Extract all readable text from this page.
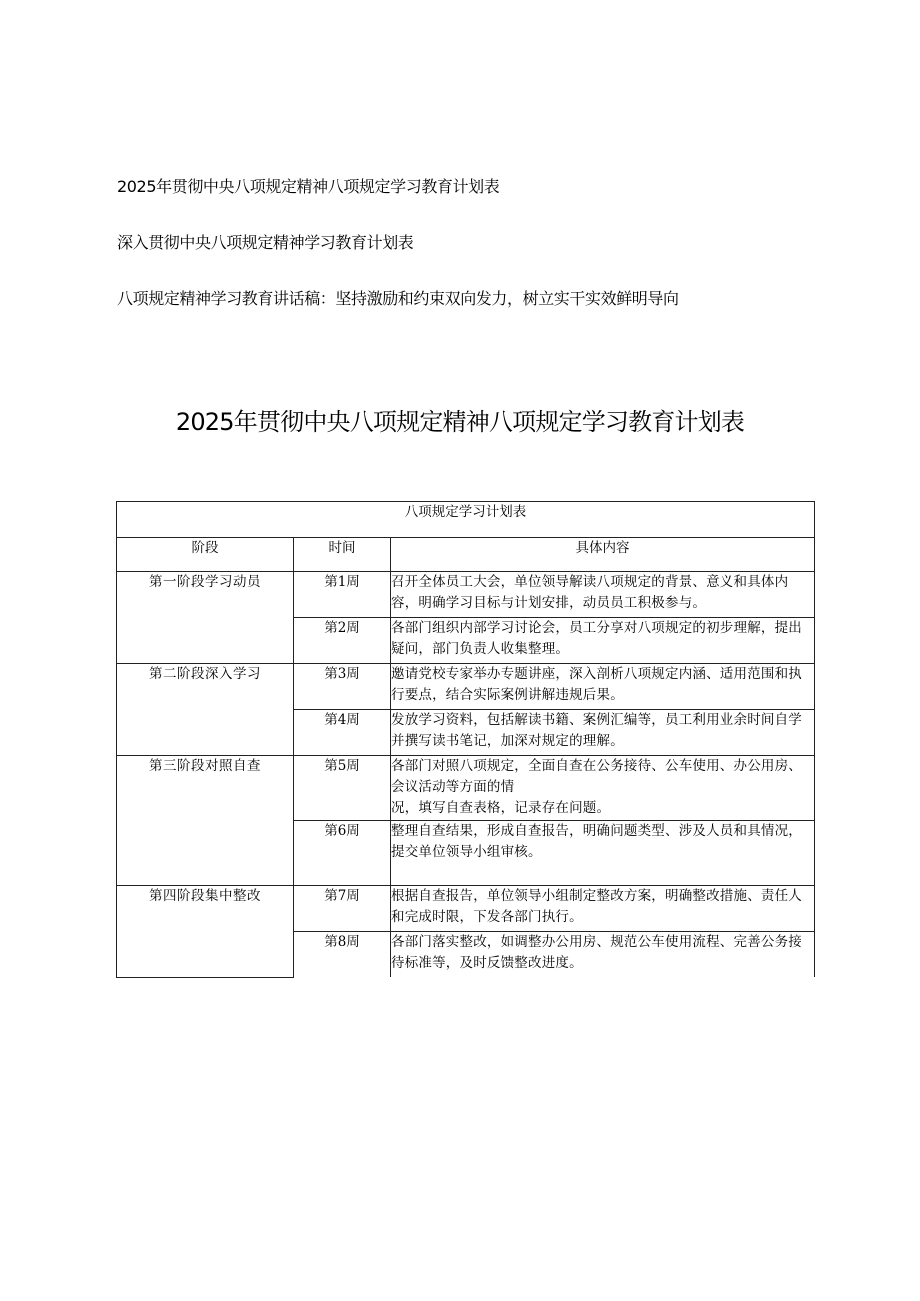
2025年贯彻中央八项规定精神八项规定学习教育计划表
深入贯彻中央八项规定精神学习教育计划表
八项规定精神学习教育讲话稿：坚持激励和约束双向发力，树立实干实效鲜明导向
2025年贯彻中央八项规定精神八项规定学习教育计划表
八项规定学习计划表		
阶段	时间	具体内容
第一阶段学习动员	第1周	召开全体员工大会，单位领导解读八项规定的背景、意义和具体内容，明确学习目标与计划安排，动员员工积极参与。

	第2周	各部门组织内部学习讨论会，员工分享对八项规定的初步理解，提出疑问，部门负责人收集整理。

第二阶段深入学习	第3周	邀请党校专家举办专题讲座，深入剖析八项规定内涵、适用范围和执行要点，结合实际案例讲解违规后果。

	第4周	发放学习资料，包括解读书籍、案例汇编等，员工利用业余时间自学并撰写读书笔记，加深对规定的理解。

第三阶段对照自查	第5周	各部门对照八项规定，全面自查在公务接待、公车使用、办公用房、会议活动等方面的情
况，填写自查表格，记录存在问题。

	第6周	整理自查结果，形成自查报告，明确问题类型、涉及人员和具情况，
提交单位领导小组审核。

第四阶段集中整改	第7周	根据自查报告，单位领导小组制定整改方案，明确整改措施、责任人和完成时限，下发各部门执行。

	第8周	各部门落实整改，如调整办公用房、规范公车使用流程、完善公务接待标准等，及时反馈整改进度。
